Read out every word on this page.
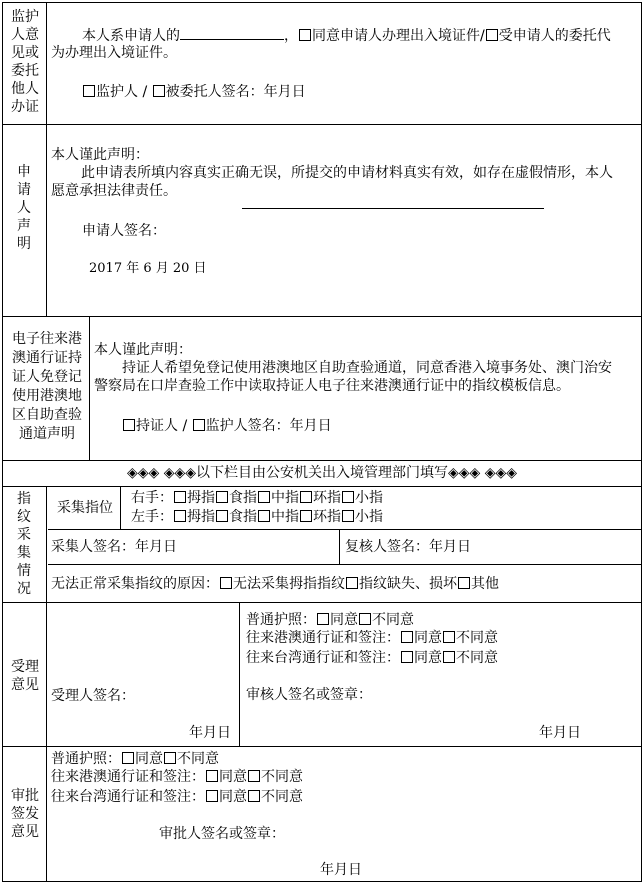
监护人意见或委托他人办证
本人系申请人的	， 同意申请人办理出入境证件/ 受申请人的委托代
为办理出入境证件。
监护人 / 被委托人签名：年月日
申
请
人
声
明
本人谨此声明：
此申请表所填内容真实正确无误，所提交的申请材料真实有效，如存在虚假情形，本人
愿意承担法律责任。
申请人签名：
2017 年 6 月 20 日
电子往来港澳通行证持证人免登记使用港澳地区自助查验通道声明
本人谨此声明：
持证人希望免登记使用港澳地区自助查验通道，同意香港入境事务处、澳门治安
警察局在口岸查验工作中读取持证人电子往来港澳通行证中的指纹模板信息。
持证人 / 监护人签名：年月日
◈◈◈ ◈◈◈以下栏目由公安机关出入境管理部门填写◈◈◈ ◈◈◈
指
纹
采
集
情
况
采集指位
右手： 拇指 食指 中指 环指 小指
左手： 拇指 食指 中指 环指 小指
采集人签名：年月日	复核人签名：年月日
无法正常采集指纹的原因： 无法采集拇指指纹 指纹缺失、损坏 其他
受理意见
受理人签名：
年月日
普通护照： 同意 不同意
往来港澳通行证和签注： 同意 不同意
往来台湾通行证和签注： 同意 不同意
审核人签名或签章：
年月日
审批签发意见
普通护照： 同意 不同意
往来港澳通行证和签注： 同意 不同意
往来台湾通行证和签注： 同意 不同意
审批人签名或签章：
年月日
